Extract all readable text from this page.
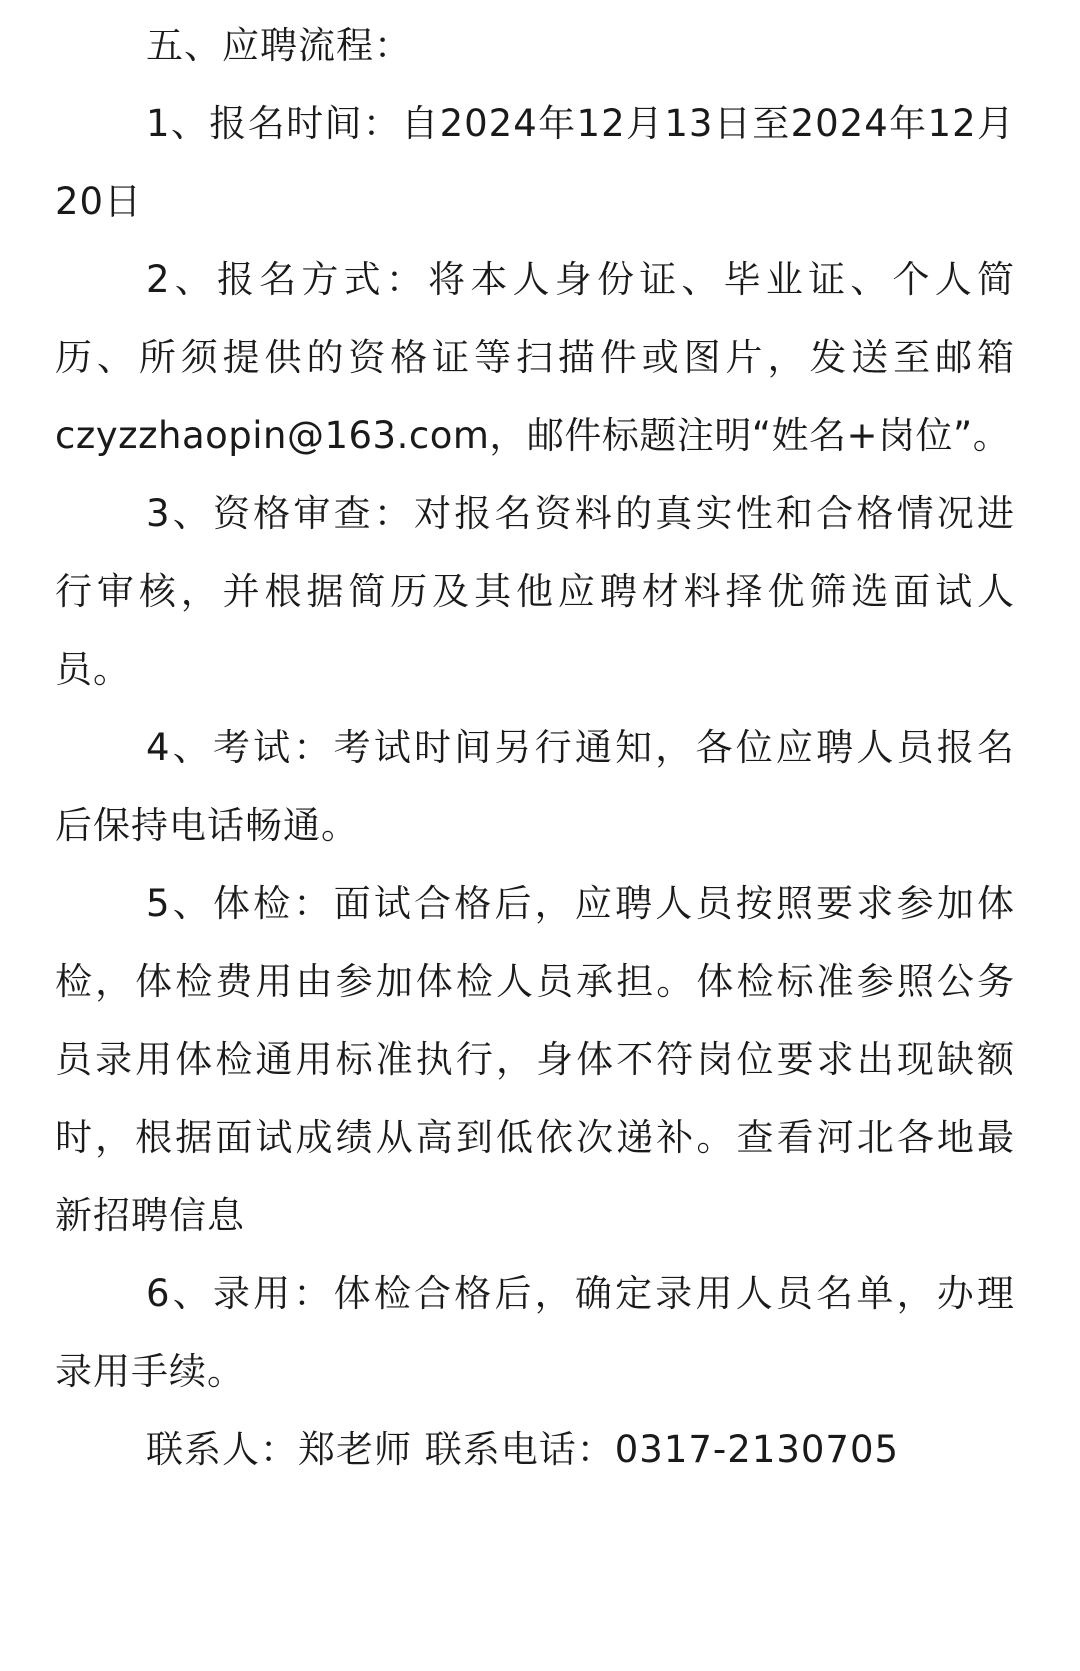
五、应聘流程：
1、报名时间：自2024年12月13日至2024年12月
20日
2、报名方式：将本人身份证、毕业证、个人简
历、所须提供的资格证等扫描件或图片，发送至邮箱
czyzzhaopin@163.com，邮件标题注明“姓名+岗位”。
3、资格审查：对报名资料的真实性和合格情况进
行审核，并根据简历及其他应聘材料择优筛选面试人
员。
4、考试：考试时间另行通知，各位应聘人员报名
后保持电话畅通。
5、体检：面试合格后，应聘人员按照要求参加体
检，体检费用由参加体检人员承担。体检标准参照公务
员录用体检通用标准执行，身体不符岗位要求出现缺额
时，根据面试成绩从高到低依次递补。查看河北各地最
新招聘信息
6、录用：体检合格后，确定录用人员名单，办理
录用手续。
联系人：郑老师 联系电话：0317-2130705
